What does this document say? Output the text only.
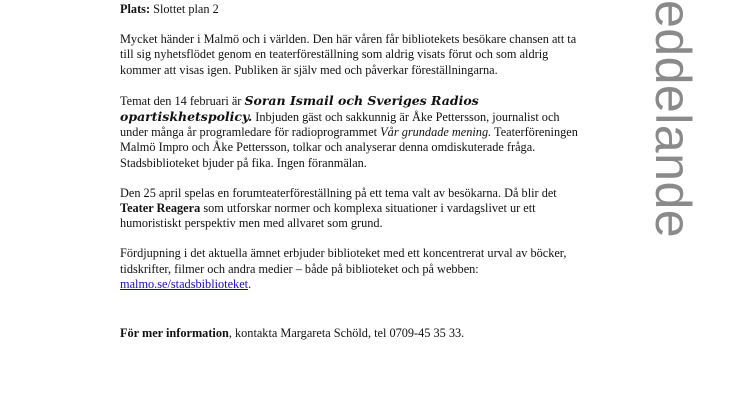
Plats: Slottet plan 2

Mycket händer i Malmö och i världen. Den här våren får bibliotekets besökare chansen att ta till sig nyhetsflödet genom en teaterföreställning som aldrig visats förut och som aldrig kommer att visas igen. Publiken är själv med och påverkar föreställningarna.

Temat den 14 februari är Soran Ismail och Sveriges Radios opartiskhetspolicy. Inbjuden gäst och sakkunnig är Åke Pettersson, journalist och under många år programledare för radioprogrammet Vår grundade mening. Teaterföreningen Malmö Impro och Åke Pettersson, tolkar och analyserar denna omdiskuterade fråga. Stadsbiblioteket bjuder på fika. Ingen föranmälan.

Den 25 april spelas en forumteaterföreställning på ett tema valt av besökarna. Då blir det Teater Reagera som utforskar normer och komplexa situationer i vardagslivet ur ett humoristiskt perspektiv men med allvaret som grund.

Fördjupning i det aktuella ämnet erbjuder biblioteket med ett koncentrerat urval av böcker, tidskrifter, filmer och andra medier – både på biblioteket och på webben: malmo.se/stadsbiblioteket.

För mer information, kontakta Margareta Schöld, tel 0709-45 35 33.

eddelande
